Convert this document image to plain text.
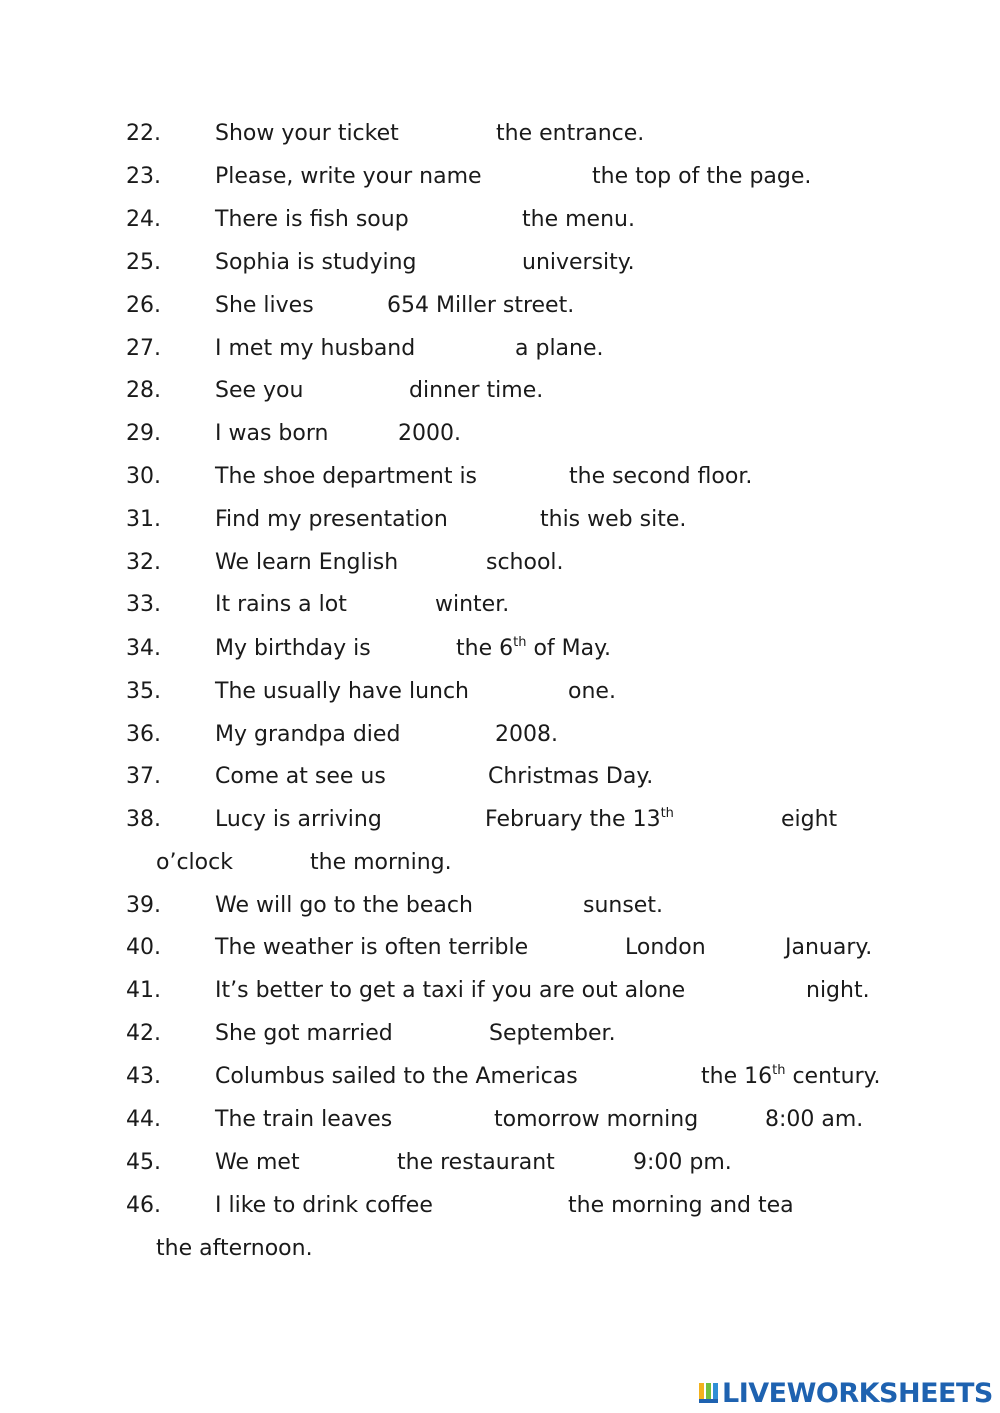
22. Show your ticket	the entrance.
23. Please, write your name	the top of the page.
24. There is fish soup	the menu.
25. Sophia is studying	university.
26. She lives	654 Miller street.
27. I met my husband	a plane.
28. See you	dinner time.
29. I was born	2000.
30. The shoe department is	the second floor.
31. Find my presentation	this web site.
32. We learn English	school.
33. It rains a lot	winter.
34. My birthday is	the 6th of May.
35. The usually have lunch	one.
36. My grandpa died	2008.
37. Come at see us	Christmas Day.
38. Lucy is arriving	February the 13th	eight
o’clock	the morning.
39. We will go to the beach	sunset.
40. The weather is often terrible	London	January.
41. It’s better to get a taxi if you are out alone	night.
42. She got married	September.
43. Columbus sailed to the Americas	the 16th century.
44. The train leaves	tomorrow morning	8:00 am.
45. We met	the restaurant	9:00 pm.
46. I like to drink coffee	the morning and tea
the afternoon.
LIVEWORKSHEETS
